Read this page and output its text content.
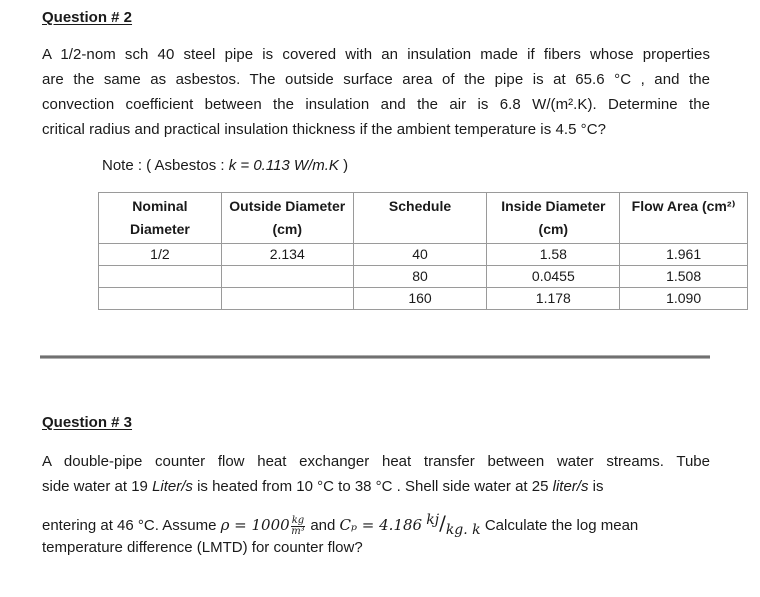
Question # 2
A 1/2-nom sch 40 steel pipe is covered with an insulation made if fibers whose properties
are the same as asbestos. The outside surface area of the pipe is at 65.6 °C , and the
convection coefficient between the insulation and the air is 6.8 W/(m².K). Determine the
critical radius and practical insulation thickness if the ambient temperature is 4.5 °C?
Note : ( Asbestos : k = 0.113 W/m.K )
Nominal Diameter	Outside Diameter (cm)	Schedule	Inside Diameter (cm)	Flow Area (cm²⁾
1/2	2.134	40	1.58	1.961
		80	0.0455	1.508
		160	1.178	1.090
Question # 3
A double-pipe counter flow heat exchanger heat transfer between water streams. Tube
side water at 19 Liter/s is heated from 10 °C to 38 °C . Shell side water at 25 liter/s is
entering at 46 °C. Assume $\rho = 1000 \frac{kg}{\text{m³}}$ and Cₚ = 4.186 kj/kg. k Calculate the log mean
temperature difference (LMTD) for counter flow?
